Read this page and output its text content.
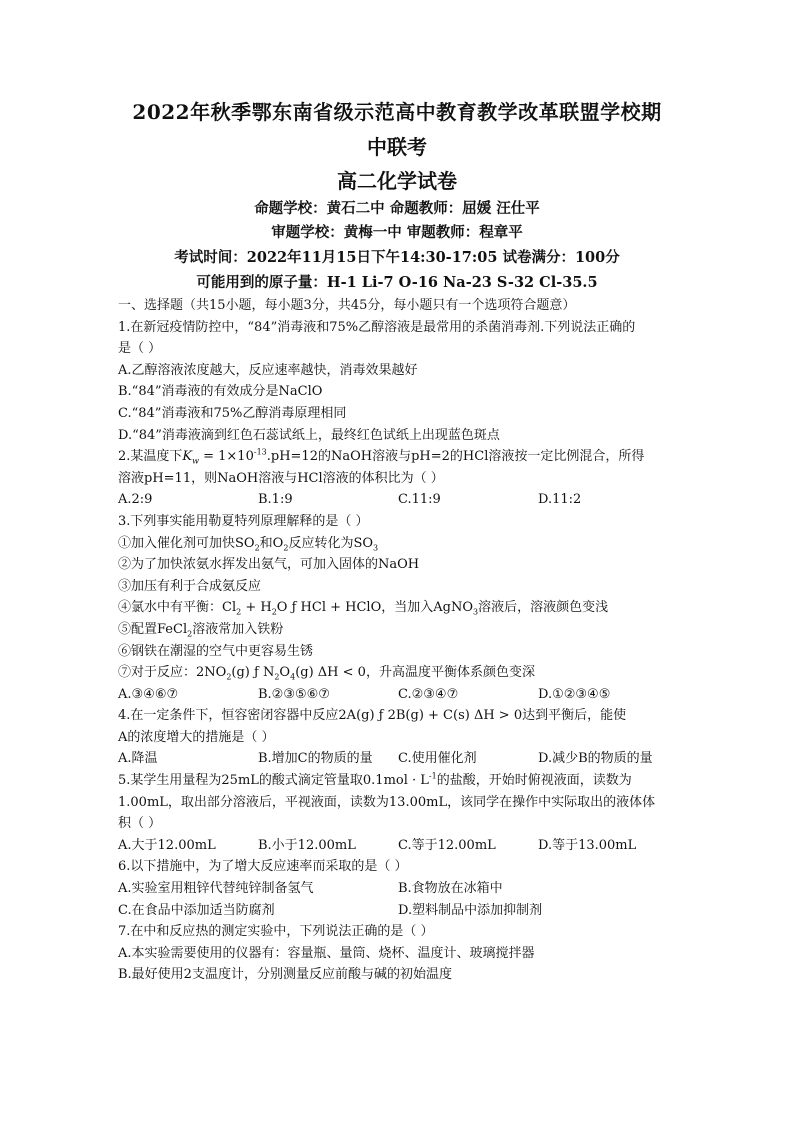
2022年秋季鄂东南省级示范高中教育教学改革联盟学校期
中联考
高二化学试卷
命题学校：黄石二中 命题教师：屈媛 汪仕平
审题学校：黄梅一中 审题教师：程章平
考试时间：2022年11月15日下午14:30-17:05 试卷满分：100分
可能用到的原子量：H-1 Li-7 O-16 Na-23 S-32 Cl-35.5
一、选择题（共15小题，每小题3分，共45分，每小题只有一个选项符合题意）
1.在新冠疫情防控中，“84”消毒液和75%乙醇溶液是最常用的杀菌消毒剂.下列说法正确的
是（ ）
A.乙醇溶液浓度越大，反应速率越快，消毒效果越好
B.“84”消毒液的有效成分是NaClO
C.“84”消毒液和75%乙醇消毒原理相同
D.“84”消毒液滴到红色石蕊试纸上，最终红色试纸上出现蓝色斑点
2.某温度下$K_w = 1\times 10^{-13}.pH=12$的NaOH溶液与pH=2的HCl溶液按一定比例混合，所得
溶液pH=11，则NaOH溶液与HCl溶液的体积比为（ ）
A.2:9	B.1:9	C.11:9	D.11:2
3.下列事实能用勒夏特列原理解释的是（ ）
①加入催化剂可加快$SO_2$和$O_2$反应转化为$SO_3$
②为了加快浓氨水挥发出氨气，可加入固体的NaOH
③加压有利于合成氨反应
④氯水中有平衡：$Cl_2 + H_2O$ ƒ HCl + HClO，当加入AgNO$_3$溶液后，溶液颜色变浅
⑤配置FeCl$_2$溶液常加入铁粉
⑥钢铁在潮湿的空气中更容易生锈
⑦对于反应：$2NO_2(g)$ ƒ $N_2O_4(g) \Delta H < 0$，升高温度平衡体系颜色变深
A.③④⑥⑦	B.②③⑤⑥⑦	C.②③④⑦	D.①②③④⑤
4.在一定条件下，恒容密闭容器中反应2A(g) ƒ 2B(g) + C(s) ΔH > 0达到平衡后，能使
A的浓度增大的措施是（ ）
A.降温	B.增加C的物质的量	C.使用催化剂	D.减少B的物质的量
5.某学生用量程为25mL的酸式滴定管量取$0.1mol \cdot L^{-1}$的盐酸，开始时俯视液面，读数为
1.00mL，取出部分溶液后，平视液面，读数为13.00mL，该同学在操作中实际取出的液体体
积（ ）
A.大于12.00mL	B.小于12.00mL	C.等于12.00mL	D.等于13.00mL
6.以下措施中，为了增大反应速率而采取的是（ ）
A.实验室用粗锌代替纯锌制备氢气	B.食物放在冰箱中
C.在食品中添加适当防腐剂	D.塑料制品中添加抑制剂
7.在中和反应热的测定实验中，下列说法正确的是（ ）
A.本实验需要使用的仪器有：容量瓶、量筒、烧杯、温度计、玻璃搅拌器
B.最好使用2支温度计，分别测量反应前酸与碱的初始温度
